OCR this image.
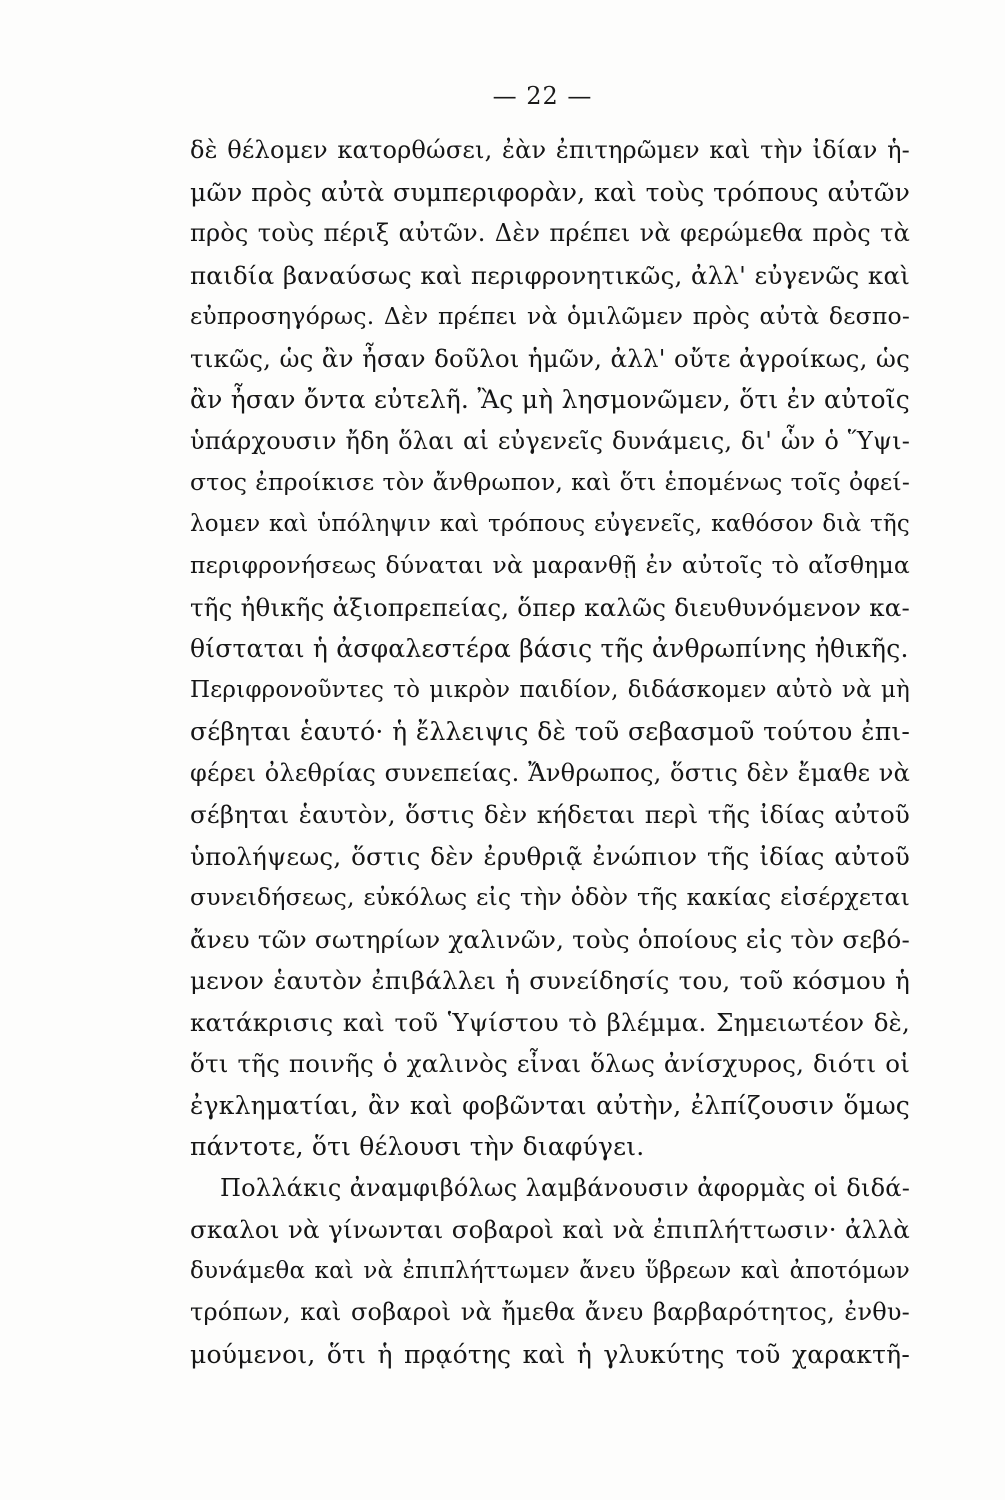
— 22 —
δὲ θέλομεν κατορθώσει, ἐὰν ἐπιτηρῶμεν καὶ τὴν ἰδίαν ἡ-
μῶν πρὸς αὐτὰ συμπεριφορὰν, καὶ τοὺς τρόπους αὐτῶν
πρὸς τοὺς πέριξ αὐτῶν. Δὲν πρέπει νὰ φερώμεθα πρὸς τὰ
παιδία βαναύσως καὶ περιφρονητικῶς, ἀλλ' εὐγενῶς καὶ
εὐπροσηγόρως. Δὲν πρέπει νὰ ὁμιλῶμεν πρὸς αὐτὰ δεσπο-
τικῶς, ὡς ἂν ἦσαν δοῦλοι ἡμῶν, ἀλλ' οὔτε ἀγροίκως, ὡς
ἂν ἦσαν ὄντα εὐτελῆ. Ἂς μὴ λησμονῶμεν, ὅτι ἐν αὐτοῖς
ὑπάρχουσιν ἤδη ὅλαι αἱ εὐγενεῖς δυνάμεις, δι' ὧν ὁ Ὕψι-
στος ἐπροίκισε τὸν ἄνθρωπον, καὶ ὅτι ἑπομένως τοῖς ὀφεί-
λομεν καὶ ὑπόληψιν καὶ τρόπους εὐγενεῖς, καθόσον διὰ τῆς
περιφρονήσεως δύναται νὰ μαρανθῇ ἐν αὐτοῖς τὸ αἴσθημα
τῆς ἠθικῆς ἀξιοπρεπείας, ὅπερ καλῶς διευθυνόμενον κα-
θίσταται ἡ ἀσφαλεστέρα βάσις τῆς ἀνθρωπίνης ἠθικῆς.
Περιφρονοῦντες τὸ μικρὸν παιδίον, διδάσκομεν αὐτὸ νὰ μὴ
σέβηται ἑαυτό· ἡ ἔλλειψις δὲ τοῦ σεβασμοῦ τούτου ἐπι-
φέρει ὀλεθρίας συνεπείας. Ἄνθρωπος, ὅστις δὲν ἔμαθε νὰ
σέβηται ἑαυτὸν, ὅστις δὲν κήδεται περὶ τῆς ἰδίας αὐτοῦ
ὑπολήψεως, ὅστις δὲν ἐρυθριᾷ ἐνώπιον τῆς ἰδίας αὐτοῦ
συνειδήσεως, εὐκόλως εἰς τὴν ὁδὸν τῆς κακίας εἰσέρχεται
ἄνευ τῶν σωτηρίων χαλινῶν, τοὺς ὁποίους εἰς τὸν σεβό-
μενον ἑαυτὸν ἐπιβάλλει ἡ συνείδησίς του, τοῦ κόσμου ἡ
κατάκρισις καὶ τοῦ Ὑψίστου τὸ βλέμμα. Σημειωτέον δὲ,
ὅτι τῆς ποινῆς ὁ χαλινὸς εἶναι ὅλως ἀνίσχυρος, διότι οἱ
ἐγκληματίαι, ἂν καὶ φοβῶνται αὐτὴν, ἐλπίζουσιν ὅμως
πάντοτε, ὅτι θέλουσι τὴν διαφύγει.
Πολλάκις ἀναμφιβόλως λαμβάνουσιν ἀφορμὰς οἱ διδά-
σκαλοι νὰ γίνωνται σοβαροὶ καὶ νὰ ἐπιπλήττωσιν· ἀλλὰ
δυνάμεθα καὶ νὰ ἐπιπλήττωμεν ἄνευ ὕβρεων καὶ ἀποτόμων
τρόπων, καὶ σοβαροὶ νὰ ἤμεθα ἄνευ βαρβαρότητος, ἐνθυ-
μούμενοι, ὅτι ἡ πρᾳότης καὶ ἡ γλυκύτης τοῦ χαρακτῆ-
